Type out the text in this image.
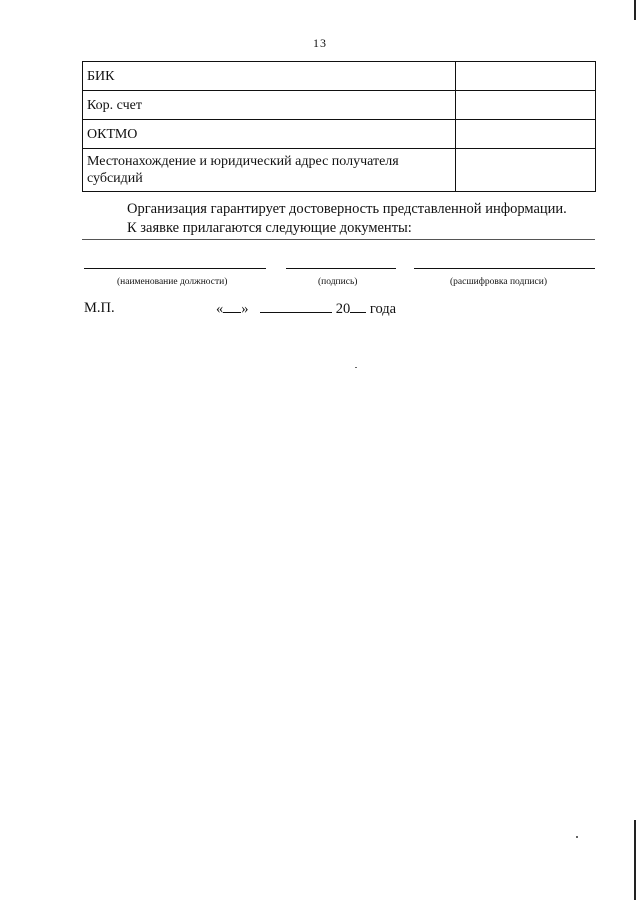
13
БИК	
Кор. счет	
ОКТМО	
Местонахождение и юридический адрес получателя субсидий	
Организация гарантирует достоверность представленной информации.
К заявке прилагаются следующие документы:
(наименование должности)	(подпись)	(расшифровка подписи)
М.П.	« »	20 года
